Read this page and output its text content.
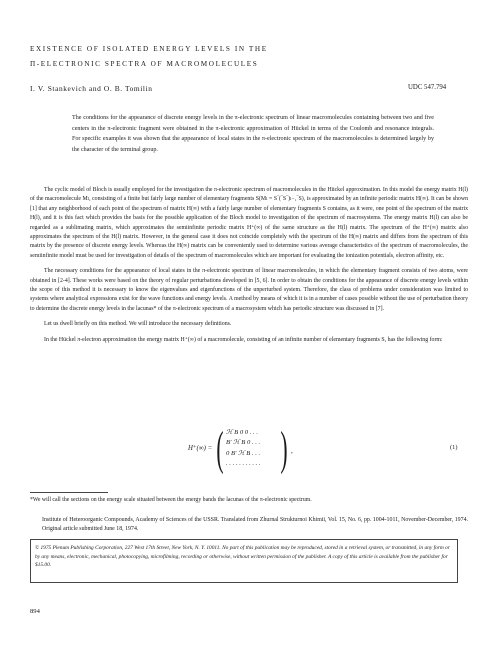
EXISTENCE OF ISOLATED ENERGY LEVELS IN THE
Π-ELECTRONIC SPECTRA OF MACROMOLECULES
I. V. Stankevich and O. B. Tomilin	UDC 547.794
The conditions for the appearance of discrete energy levels in the π-electronic spectrum of linear macromolecules containing between two and five centers in the π-electronic fragment were obtained in the π-electronic approximation of Hückel in terms of the Coulomb and resonance integrals. For specific examples it was shown that the appearance of local states in the π-electronic spectrum of the macromolecules is determined largely by the character of the terminal group.

The cyclic model of Bloch is usually employed for the investigation the π-electronic spectrum of macromolecules in the Hückel approximation. In this model the energy matrix H(l) of the macromolecule Mₗ, consisting of a finite but fairly large number of elementary fragments S(Mₗ = S‾(‾S‾)ₗ₋₁‾S), is approximated by an infinite periodic matrix H(∞). It can be shown [1] that any neighborhood of each point of the spectrum of matrix H(∞) with a fairly large number of elementary fragments S contains, as it were, one point of the spectrum of the matrix H(l), and it is this fact which provides the basis for the possible application of the Bloch model to investigation of the spectrum of macrosystems. The energy matrix H(l) can also be regarded as a sublimating matrix, which approximates the semiinfinite periodic matrix H⁺(∞) of the same structure as the H(l) matrix. The spectrum of the H⁺(∞) matrix also approximates the spectrum of the H(l) matrix. However, in the general case it does not coincide completely with the spectrum of the H(∞) matrix and differs from the spectrum of this matrix by the presence of discrete energy levels. Whereas the H(∞) matrix can be conveniently used to determine various average characteristics of the spectrum of macromolecules, the semiinfinite model must be used for investigation of details of the spectrum of macromolecules which are important for evaluating the ionization potentials, electron affinity, etc.

The necessary conditions for the appearance of local states in the π-electronic spectrum of linear macromolecules, in which the elementary fragment consists of two atoms, were obtained in [2-4]. These works were based on the theory of regular perturbations developed in [5, 6]. In order to obtain the conditions for the appearance of discrete energy levels within the scope of this method it is necessary to know the eigenvalues and eigenfunctions of the unperturbed system. Therefore, the class of problems under consideration was limited to systems where analytical expressions exist for the wave functions and energy levels. A method by means of which it is in a number of cases possible without the use of perturbation theory to determine the discrete energy levels in the lacunas* of the π-electronic spectrum of a macrosystem which has periodic structure was discussed in [7].

Let us dwell briefly on this method. We will introduce the necessary definitions.

In the Hückel π-electron approximation the energy matrix H⁺(∞) of a macromolecule, consisting of an infinite number of elementary fragments S, has the following form:

H⁺(∞) = ( ℋ B 0 0 . . .
B′ ℋ B 0 . . .
0 B′ ℋ B . . .
. . . . . . . . . . . ) ,	(1)
*We will call the sections on the energy scale situated between the energy bands the lacunas of the π-electronic spectrum.
Institute of Heteroorganic Compounds, Academy of Sciences of the USSR. Translated from Zhurnal Strukturnoi Khimii, Vol. 15, No. 6, pp. 1004-1011, November-December, 1974. Original article submitted June 18, 1974.
© 1975 Plenum Publishing Corporation, 227 West 17th Street, New York, N. Y. 10011. No part of this publication may be reproduced, stored in a retrieval system, or transmitted, in any form or by any means, electronic, mechanical, photocopying, microfilming, recording or otherwise, without written permission of the publisher. A copy of this article is available from the publisher for $15.00.
894
